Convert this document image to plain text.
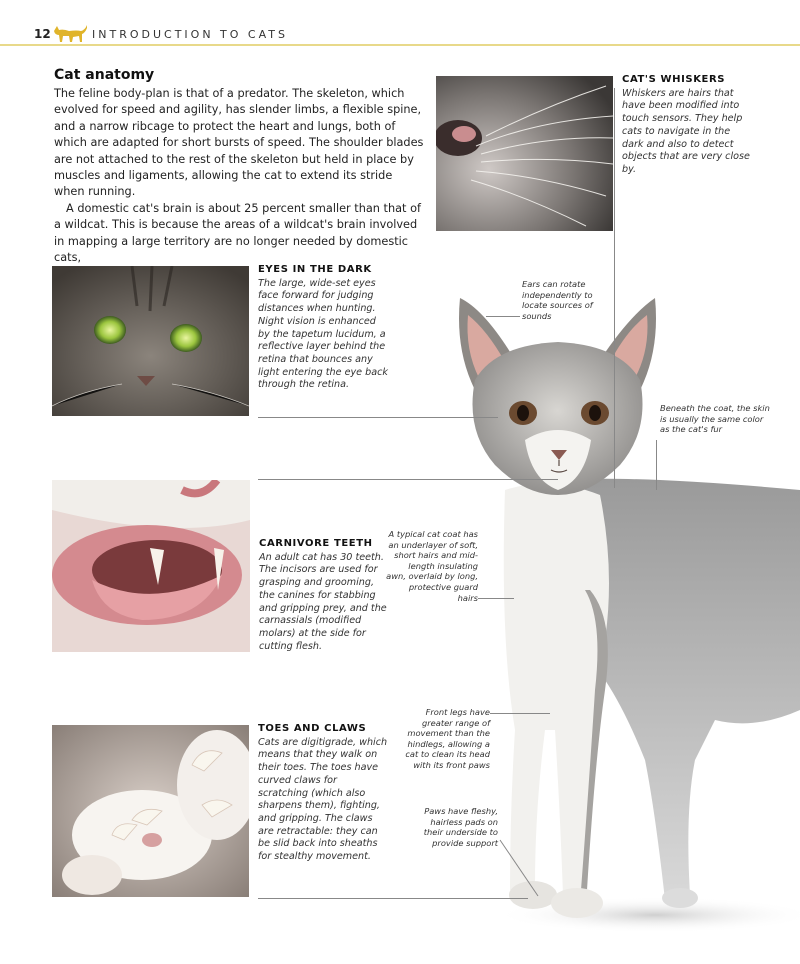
12	INTRODUCTION TO CATS
Cat anatomy

The feline body-plan is that of a predator. The skeleton, which evolved for speed and agility, has slender limbs, a flexible spine, and a narrow ribcage to protect the heart and lungs, both of which are adapted for short bursts of speed. The shoulder blades are not attached to the rest of the skeleton but held in place by muscles and ligaments, allowing the cat to extend its stride when running.

A domestic cat's brain is about 25 percent smaller than that of a wildcat. This is because the areas of a wildcat's brain involved in mapping a large territory are no longer needed by domestic cats,

CAT'S WHISKERS
Whiskers are hairs that have been modified into touch sensors. They help cats to navigate in the dark and also to detect objects that are very close by.
EYES IN THE DARK
The large, wide-set eyes face forward for judging distances when hunting. Night vision is enhanced by the tapetum lucidum, a reflective layer behind the retina that bounces any light entering the eye back through the retina.
CARNIVORE TEETH
An adult cat has 30 teeth. The incisors are used for grasping and grooming, the canines for stabbing and gripping prey, and the carnassials (modified molars) at the side for cutting flesh.
TOES AND CLAWS
Cats are digitigrade, which means that they walk on their toes. The toes have curved claws for scratching (which also sharpens them), fighting, and gripping. The claws are retractable: they can be slid back into sheaths for stealthy movement.
Ears can rotate independently to locate sources of sounds
Beneath the coat, the skin is usually the same color as the cat's fur
A typical cat coat has an underlayer of soft, short hairs and mid-length insulating awn, overlaid by long, protective guard hairs
Front legs have greater range of movement than the hindlegs, allowing a cat to clean its head with its front paws
Paws have fleshy, hairless pads on their underside to provide support
